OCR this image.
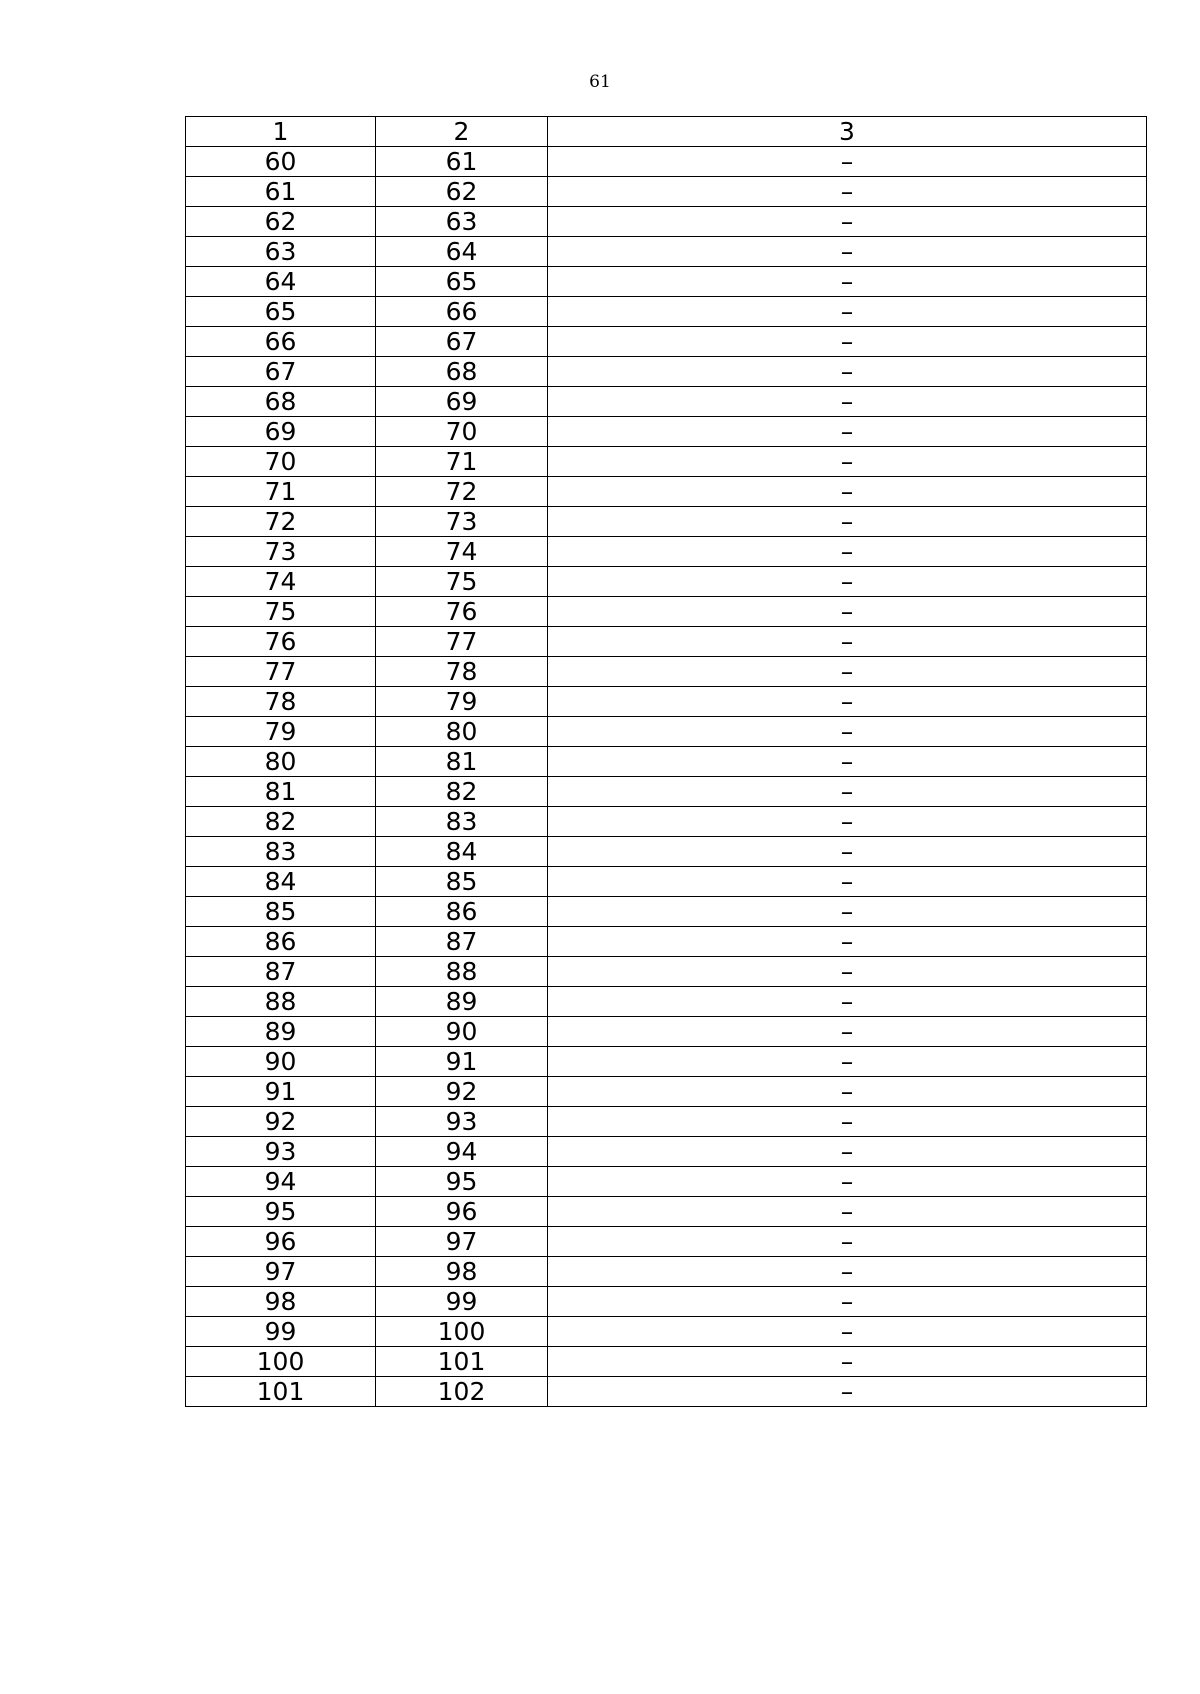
61
1	2	3
60	61	–
61	62	–
62	63	–
63	64	–
64	65	–
65	66	–
66	67	–
67	68	–
68	69	–
69	70	–
70	71	–
71	72	–
72	73	–
73	74	–
74	75	–
75	76	–
76	77	–
77	78	–
78	79	–
79	80	–
80	81	–
81	82	–
82	83	–
83	84	–
84	85	–
85	86	–
86	87	–
87	88	–
88	89	–
89	90	–
90	91	–
91	92	–
92	93	–
93	94	–
94	95	–
95	96	–
96	97	–
97	98	–
98	99	–
99	100	–
100	101	–
101	102	–
